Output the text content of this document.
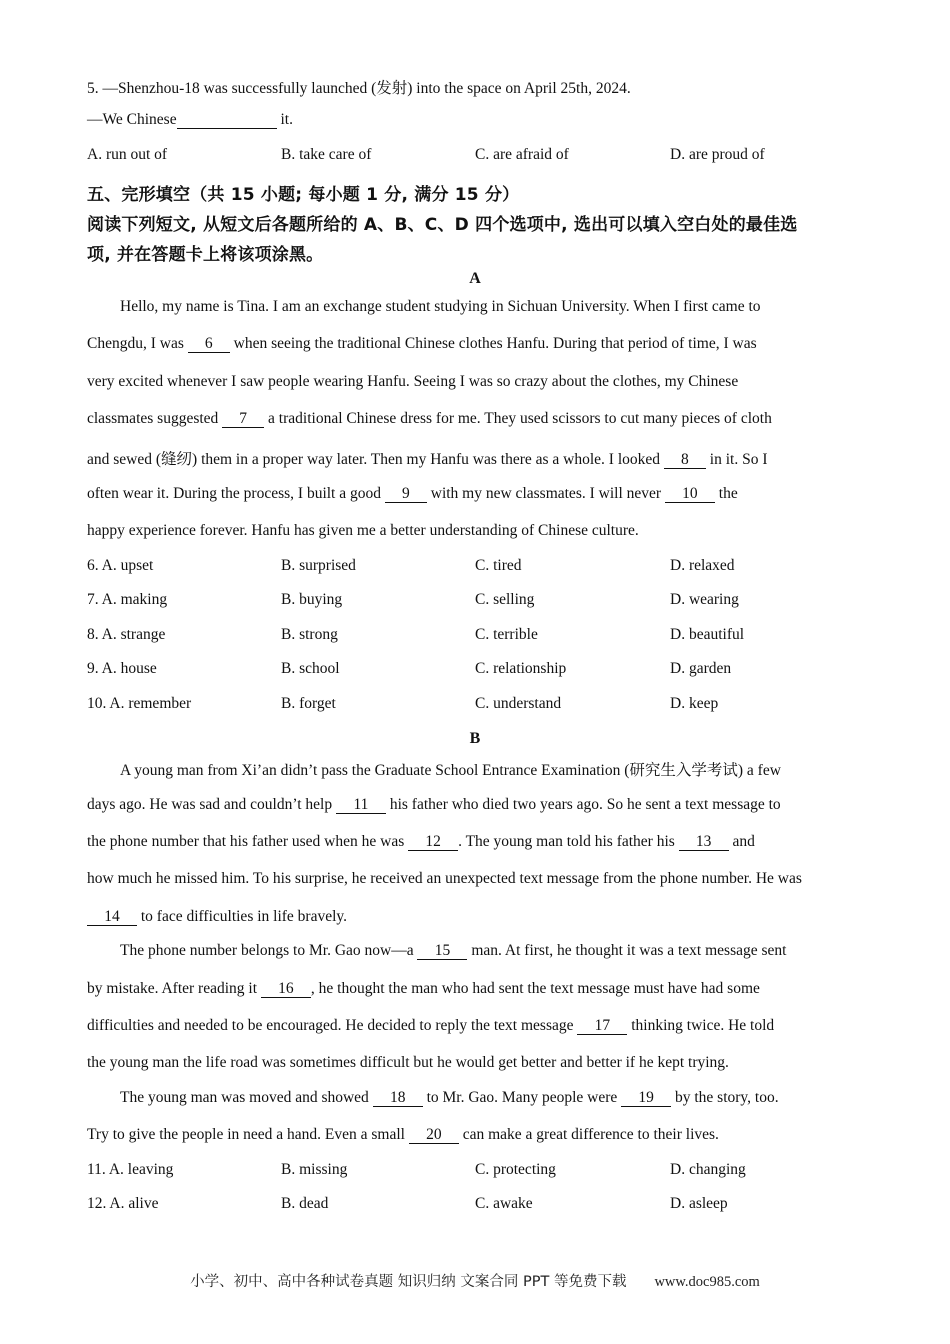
5. —Shenzhou-18 was successfully launched (发射) into the space on April 25th, 2024.
—We Chinese	it.
A. run out of	B. take care of	C. are afraid of	D. are proud of
五、完形填空（共 15 小题; 每小题 1 分, 满分 15 分）
阅读下列短文, 从短文后各题所给的 A、B、C、D 四个选项中, 选出可以填入空白处的最佳选
项, 并在答题卡上将该项涂黑。
A
Hello, my name is Tina. I am an exchange student studying in Sichuan University. When I first came to
Chengdu, I was 6 when seeing the traditional Chinese clothes Hanfu. During that period of time, I was
very excited whenever I saw people wearing Hanfu. Seeing I was so crazy about the clothes, my Chinese
classmates suggested 7 a traditional Chinese dress for me. They used scissors to cut many pieces of cloth
and sewed (缝纫) them in a proper way later. Then my Hanfu was there as a whole. I looked 8 in it. So I
often wear it. During the process, I built a good 9 with my new classmates. I will never 10 the
happy experience forever. Hanfu has given me a better understanding of Chinese culture.
6. A. upset	B. surprised	C. tired	D. relaxed
7. A. making	B. buying	C. selling	D. wearing
8. A. strange	B. strong	C. terrible	D. beautiful
9. A. house	B. school	C. relationship	D. garden
10. A. remember	B. forget	C. understand	D. keep
B
A young man from Xi’an didn’t pass the Graduate School Entrance Examination (研究生入学考试) a few
days ago. He was sad and couldn’t help 11 his father who died two years ago. So he sent a text message to
the phone number that his father used when he was 12 . The young man told his father his 13 and
how much he missed him. To his surprise, he received an unexpected text message from the phone number. He was
14 to face difficulties in life bravely.
The phone number belongs to Mr. Gao now—a 15 man. At first, he thought it was a text message sent
by mistake. After reading it 16 , he thought the man who had sent the text message must have had some
difficulties and needed to be encouraged. He decided to reply the text message 17 thinking twice. He told
the young man the life road was sometimes difficult but he would get better and better if he kept trying.
The young man was moved and showed 18 to Mr. Gao. Many people were 19 by the story, too.
Try to give the people in need a hand. Even a small 20 can make a great difference to their lives.
11. A. leaving	B. missing	C. protecting	D. changing
12. A. alive	B. dead	C. awake	D. asleep
小学、初中、高中各种试卷真题 知识归纳 文案合同 PPT 等免费下载 www.doc985.com
